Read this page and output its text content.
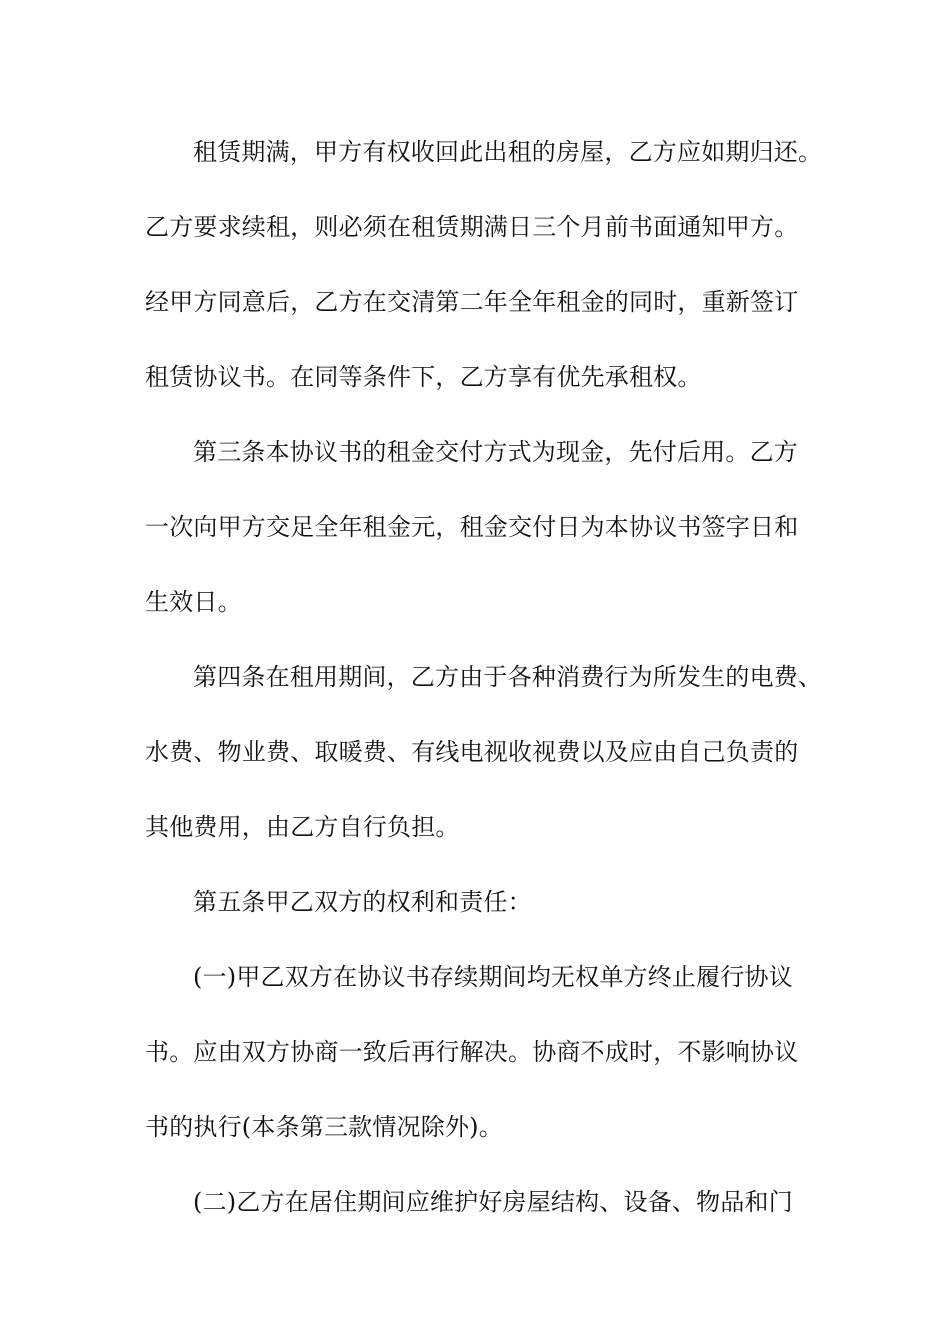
租赁期满，甲方有权收回此出租的房屋，乙方应如期归还。
乙方要求续租，则必须在租赁期满日三个月前书面通知甲方。
经甲方同意后，乙方在交清第二年全年租金的同时，重新签订
租赁协议书。在同等条件下，乙方享有优先承租权。
第三条本协议书的租金交付方式为现金，先付后用。乙方
一次向甲方交足全年租金元，租金交付日为本协议书签字日和
生效日。
第四条在租用期间，乙方由于各种消费行为所发生的电费、
水费、物业费、取暖费、有线电视收视费以及应由自己负责的
其他费用，由乙方自行负担。
第五条甲乙双方的权利和责任：
(一)甲乙双方在协议书存续期间均无权单方终止履行协议
书。应由双方协商一致后再行解决。协商不成时，不影响协议
书的执行(本条第三款情况除外)。
(二)乙方在居住期间应维护好房屋结构、设备、物品和门
